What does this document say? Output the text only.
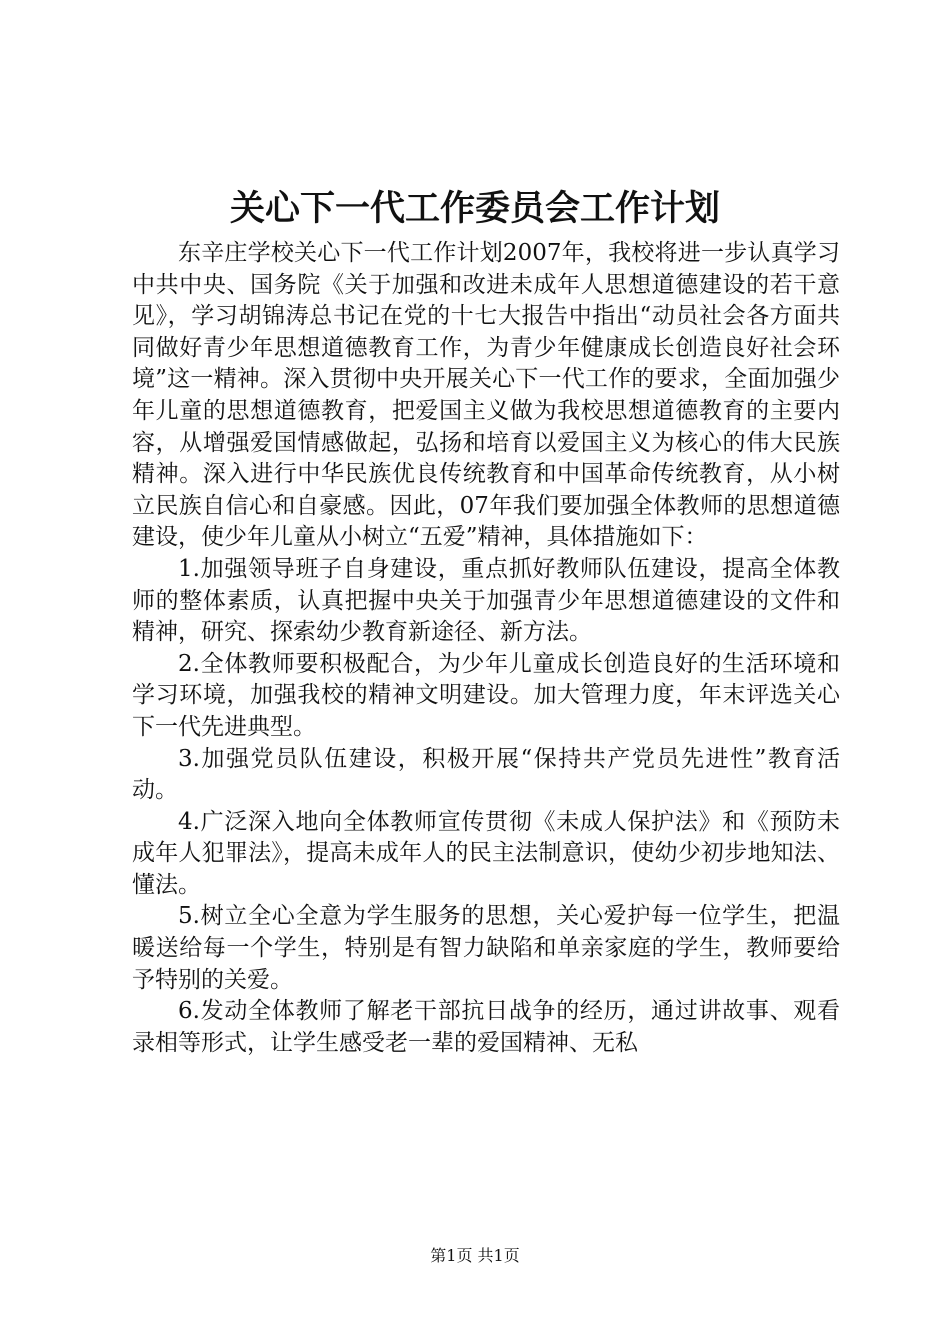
关心下一代工作委员会工作计划

东辛庄学校关心下一代工作计划2007年，我校将进一步认真学习中共中央、国务院《关于加强和改进未成年人思想道德建设的若干意见》，学习胡锦涛总书记在党的十七大报告中指出“动员社会各方面共同做好青少年思想道德教育工作，为青少年健康成长创造良好社会环境”这一精神。深入贯彻中央开展关心下一代工作的要求，全面加强少年儿童的思想道德教育，把爱国主义做为我校思想道德教育的主要内容，从增强爱国情感做起，弘扬和培育以爱国主义为核心的伟大民族精神。深入进行中华民族优良传统教育和中国革命传统教育，从小树立民族自信心和自豪感。因此，07年我们要加强全体教师的思想道德建设，使少年儿童从小树立“五爱”精神，具体措施如下：

1.加强领导班子自身建设，重点抓好教师队伍建设，提高全体教师的整体素质，认真把握中央关于加强青少年思想道德建设的文件和精神，研究、探索幼少教育新途径、新方法。

2.全体教师要积极配合，为少年儿童成长创造良好的生活环境和学习环境，加强我校的精神文明建设。加大管理力度，年末评选关心下一代先进典型。

3.加强党员队伍建设，积极开展“保持共产党员先进性”教育活动。

4.广泛深入地向全体教师宣传贯彻《未成人保护法》和《预防未成年人犯罪法》，提高未成年人的民主法制意识，使幼少初步地知法、懂法。

5.树立全心全意为学生服务的思想，关心爱护每一位学生，把温暖送给每一个学生，特别是有智力缺陷和单亲家庭的学生，教师要给予特别的关爱。

6.发动全体教师了解老干部抗日战争的经历，通过讲故事、观看录相等形式，让学生感受老一辈的爱国精神、无私

第1页 共1页
